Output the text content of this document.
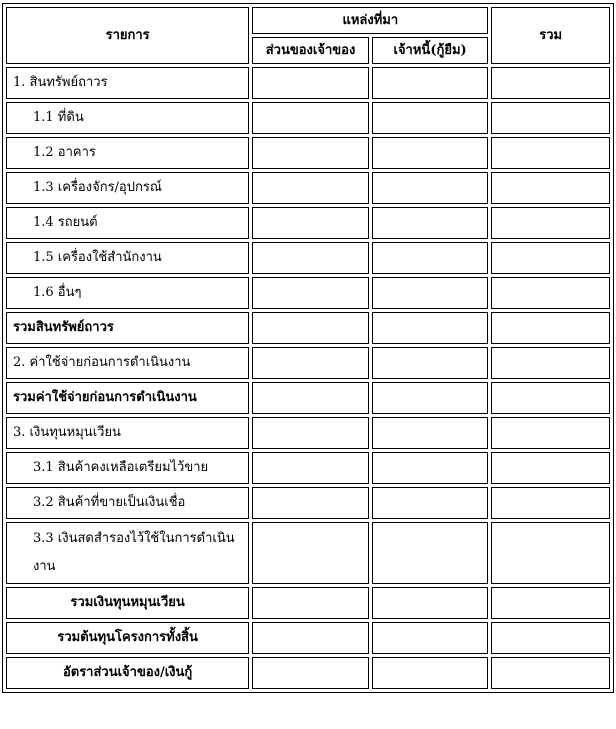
รายการ	แหล่งที่มา		รวม
	ส่วนของเจ้าของ	เจ้าหนี้(กู้ยืม)	
1. สินทรัพย์ถาวร			
1.1 ที่ดิน			
1.2 อาคาร			
1.3 เครื่องจักร/อุปกรณ์			
1.4 รถยนต์			
1.5 เครื่องใช้สำนักงาน			
1.6 อื่นๆ			
รวมสินทรัพย์ถาวร			
2. ค่าใช้จ่ายก่อนการดำเนินงาน			
รวมค่าใช้จ่ายก่อนการดำเนินงาน			
3. เงินทุนหมุนเวียน			
3.1 สินค้าคงเหลือเตรียมไว้ขาย			
3.2 สินค้าที่ขายเป็นเงินเชื่อ			
3.3 เงินสดสำรองไว้ใช้ในการดำเนินงาน			
รวมเงินทุนหมุนเวียน			
รวมต้นทุนโครงการทั้งสิ้น			
อัตราส่วนเจ้าของ/เงินกู้			
